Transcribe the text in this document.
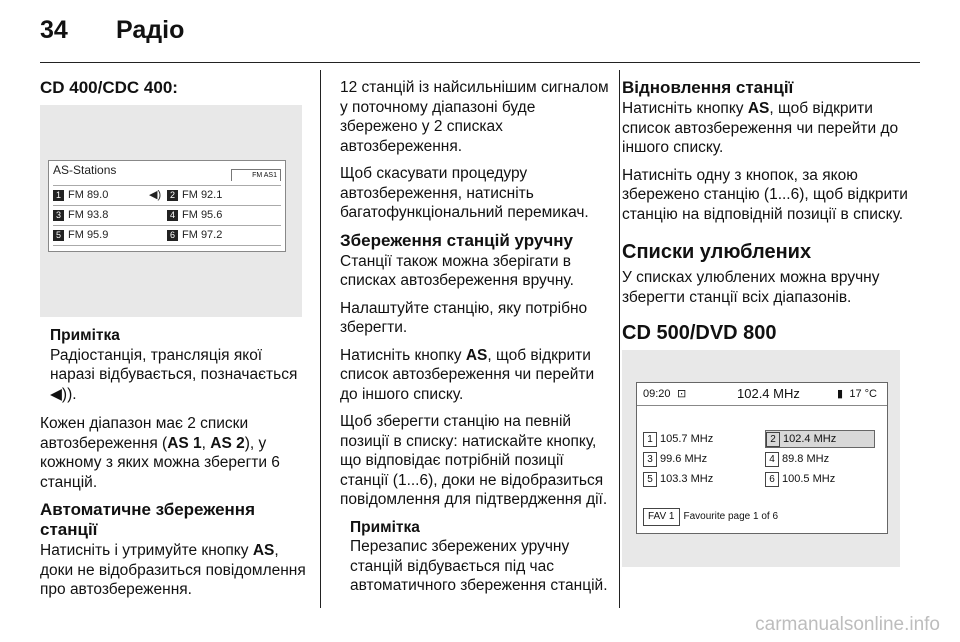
34 Радіо
CD 400/CDC 400:
AS-Stations	FM AS1
1 FM 89.0	◀) 2 FM 92.1
3 FM 93.8	4 FM 95.6
5 FM 95.9	6 FM 97.2
Примітка
Радіостанція, трансляція якої наразі відбувається, позначається ◀︎)).

Кожен діапазон має 2 списки автозбереження (AS 1, AS 2), у кожному з яких можна зберегти 6 станцій.

Автоматичне збереження станції

Натисніть і утримуйте кнопку AS, доки не відобразиться повідомлення про автозбереження.

12 станцій із найсильнішим сигналом у поточному діапазоні буде збережено у 2 списках автозбереження.

Щоб скасувати процедуру автозбереження, натисніть багатофункціональний перемикач.

Збереження станцій уручну

Станції також можна зберігати в списках автозбереження вручну.

Налаштуйте станцію, яку потрібно зберегти.

Натисніть кнопку AS, щоб відкрити список автозбереження чи перейти до іншого списку.

Щоб зберегти станцію на певній позиції в списку: натискайте кнопку, що відповідає потрібній позиції станції (1...6), доки не відобразиться повідомлення для підтвердження дії.

Примітка
Перезапис збережених уручну станцій відбувається під час автоматичного збереження станцій.
Відновлення станції

Натисніть кнопку AS, щоб відкрити список автозбереження чи перейти до іншого списку.

Натисніть одну з кнопок, за якою збережено станцію (1...6), щоб відкрити станцію на відповідній позиції в списку.

Списки улюблених

У списках улюблених можна вручну зберегти станції всіх діапазонів.

CD 500/DVD 800
09:20 ⊡	102.4 MHz	▮ 17 °C
1 105.7 MHz	2 102.4 MHz
3 99.6 MHz	4 89.8 MHz
5 103.3 MHz	6 100.5 MHz
FAV 1 Favourite page 1 of 6
carmanualsonline.info
